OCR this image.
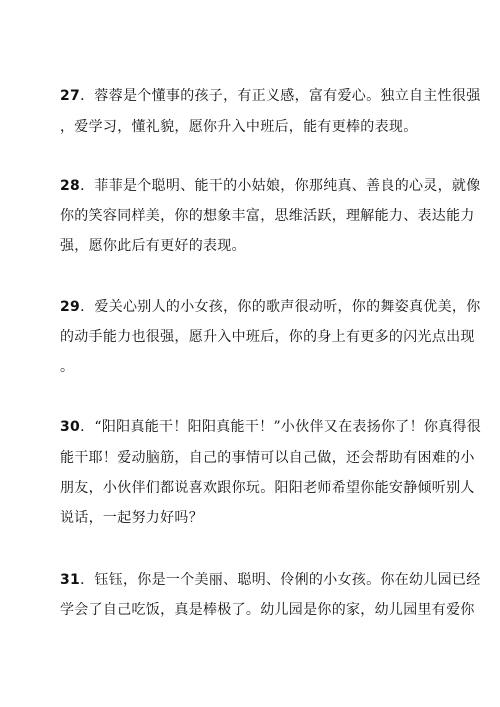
27．蓉蓉是个懂事的孩子，有正义感，富有爱心。独立自主性很强
，爱学习，懂礼貌，愿你升入中班后，能有更棒的表现。
28．菲菲是个聪明、能干的小姑娘，你那纯真、善良的心灵，就像
你的笑容同样美，你的想象丰富，思维活跃，理解能力、表达能力
强，愿你此后有更好的表现。
29．爱关心别人的小女孩，你的歌声很动听，你的舞姿真优美，你
的动手能力也很强，愿升入中班后，你的身上有更多的闪光点出现
。
30．“阳阳真能干！阳阳真能干！”小伙伴又在表扬你了！你真得很
能干耶！爱动脑筋，自己的事情可以自己做，还会帮助有困难的小
朋友，小伙伴们都说喜欢跟你玩。阳阳老师希望你能安静倾听别人
说话，一起努力好吗？
31．钰钰，你是一个美丽、聪明、伶俐的小女孩。你在幼儿园已经
学会了自己吃饭，真是棒极了。幼儿园是你的家，幼儿园里有爱你
